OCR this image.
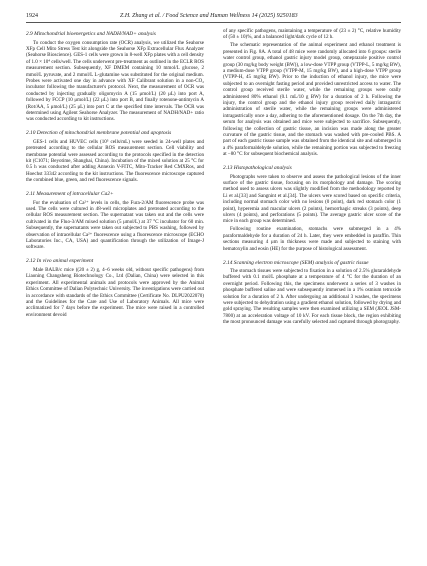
1924	Z.H. Zhang et al. / Food Science and Human Wellness 14 (2025) 9250183
2.9 Mitochondrial bioenergetics and NADH/NAD+ analysis

To conduct the oxygen consumption rate (OCR) analysis, we utilized the Seahorse XFp Cell Mito Stress Test kit alongside the Seahorse XFp Extracellular Flux Analyzer (Seahorse Bioscience). GES-1 cells were grown in 8-well XFp plates with a cell density of 1.0 × 10⁴ cells/well. The cells underwent pre-treatment as outlined in the ECLR ROS measurement section. Subsequently, XF DMEM containing 10 mmol/L glucose, 2 mmol/L pyruvate, and 2 mmol/L L-glutamine was substituted for the original medium. Probes were activated one day in advance with XF Calibrant solution in a non-CO₂ incubator following the manufacturer's protocol. Next, the measurement of OCR was conducted by injecting gradually oligomycin A (15 μmol/L) (20 μL) into port A, followed by FCCP (10 μmol/L) (22 μL) into port B, and finally rotenone-antimycin A (Rot/AA, 5 μmol/L) (25 μL) into port C at the specified time intervals. The OCR was determined using Agilent Seahorse Analyzer. The measurement of NADH/NAD+ ratio was conducted according to kit instructions.

2.10 Detection of mitochondrial membrane potential and apoptosis

GES-1 cells and HUVEC cells (10⁵ cells/mL) were seeded in 24-well plates and pretreated according to the cellular ROS measurement section. Cell viability and membrane potential were assessed according to the protocols specified in the detection kit (C1071; Beyotime, Shanghai, China). Incubation of the mixed solution at 25 °C for 0.5 h was conducted after adding Annexin V-FITC, Mito-Tracker Red CMXRos, and Hoechst 33342 according to the kit instructions. The fluorescence microscope captured the combined blue, green, and red fluorescence signals.

2.11 Measurement of intracellular Ca2+

For the evaluation of Ca²⁺ levels in cells, the Fura-2/AM fluorescence probe was used. The cells were cultured in 48-well microplates and pretreated according to the cellular ROS measurement section. The supernatant was taken out and the cells were cultivated in the Fluo-3/AM mixed solution (5 μmol/L) at 37 °C incubator for 60 min. Subsequently, the supernatants were taken out subjected to PBS washing, followed by observation of intracellular Ca²⁺ fluorescence using a fluorescence microscope (ECHO Laboratories Inc., CA, USA) and quantification through the utilization of Image-J software.

2.12 In vivo animal experiment

Male BALB/c mice ((20 ± 2) g, 4–6 weeks old, without specific pathogens) from Liaoning Changsheng Biotechnology Co., Ltd (Dalian, China) were selected in this experiment. All experimental animals and protocols were approved by the Animal Ethics Committee of Dalian Polytechnic University. The investigations were carried out in accordance with standards of the Ethics Committee (Certificate No. DLPU2022070) and the Guidelines for the Care and Use of Laboratory Animals. All mice were acclimatized for 7 days before the experiment. The mice were raised in a controlled environment devoid

of any specific pathogens, maintaining a temperature of (23 ± 2) °C, relative humidity of (50 ± 10)%, and a balanced light/dark cycle of 12 h.

The schematic representation of the animal experiment and ethanol treatment is presented in Fig. 8A. A total of 48 mice were randomly allocated into 6 groups: sterile water control group, ethanol gastric injury model group, omeprazole positive control group (30 mg/kg body weight (BW)), a low-dose VTPP group (VTPP-L, 5 mg/kg BW), a medium-dose VTPP group (VTPP-M, 15 mg/kg BW), and a high-dose VTPP group (VTPP-H, 45 mg/kg BW). Prior to the induction of ethanol injury, the mice were subjected to an overnight fasting period and provided unrestricted access to water. The control group received sterile water, while the remaining groups were orally administered 80% ethanol (0.1 mL/10 g BW) for a duration of 2 h. Following the injury, the control group and the ethanol injury group received daily intragastric administration of sterile water, while the remaining groups were administered intragastrically once a day, adhering to the aforementioned dosage. On the 7th day, the serum for analysis was obtained and mice were subjected to sacrifice. Subsequently, following the collection of gastric tissue, an incision was made along the greater curvature of the gastric tissue, and the stomach was washed with pre-cooled PBS. A part of each gastric tissue sample was obtained from the identical site and submerged in a 4% paraformaldehyde solution, while the remaining portion was subjected to freezing at −80 °C for subsequent biochemical analysis.

2.13 Histopathological analysis

Photographs were taken to observe and assess the pathological lesions of the inner surface of the gastric tissue, focusing on its morphology and damage. The scoring method used to assess ulcers was slightly modified from the methodology reported by Li et al.[33] and Sangnint et al.[34]. The ulcers were scored based on specific criteria, including normal stomach color with no lesions (0 point), dark red stomach color (1 point), hyperemia and macular ulcers (2 points), hemorrhagic streaks (3 points), deep ulcers (4 points), and perforations (5 points). The average gastric ulcer score of the mice in each group was determined.

Following routine examination, stomachs were submerged in a 4% paraformaldehyde for a duration of 24 h. Later, they were embedded in paraffin. Thin sections measuring 4 μm in thickness were made and subjected to staining with hematoxylin and eosin (HE) for the purpose of histological assessment.

2.14 Scanning electron microscope (SEM) analysis of gastric tissue

The stomach tissues were subjected to fixation in a solution of 2.5% glutaraldehyde buffered with 0.1 mol/L phosphate at a temperature of 4 °C for the duration of an overnight period. Following this, the specimens underwent a series of 3 washes in phosphate buffered saline and were subsequently immersed in a 1% osmium tetroxide solution for a duration of 2 h. After undergoing an additional 3 washes, the specimens were subjected to dehydration using a gradient ethanol solution, followed by drying and gold spraying. The resulting samples were then examined utilizing a SEM (JEOL JSM-7800) at an acceleration voltage of 10 kV. For each tissue block, the region exhibiting the most pronounced damage was carefully selected and captured through photography.
